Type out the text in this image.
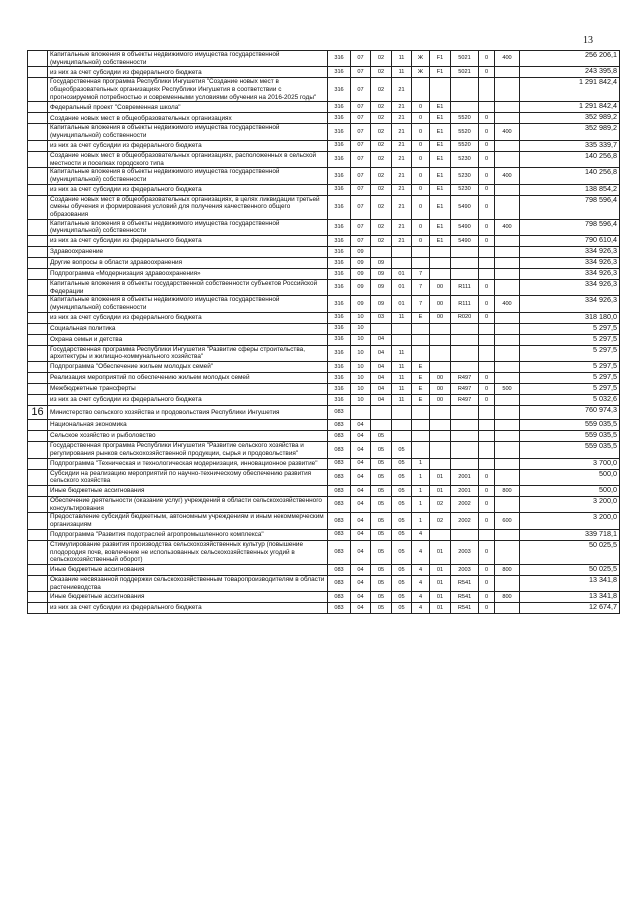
13
	Капитальные вложения в объекты недвижимого имущества государственной (муниципальной) собственности	316	07	02	11	Ж	F1	5021	0	400	256 206,1
	из них за счет субсидии из федерального бюджета	316	07	02	11	Ж	F1	5021	0		243 395,8
	Государственная программа Республики Ингушетия "Создание новых мест в общеобразовательных организациях Республики Ингушетия в соответствии с прогнозируемой потребностью и современными условиями обучения на 2016-2025 годы"	316	07	02	21						1 291 842,4
	Федеральный проект "Современная школа"	316	07	02	21	0	E1				1 291 842,4
	Создание новых мест в общеобразовательных организациях	316	07	02	21	0	E1	5520	0		352 989,2
	Капитальные вложения в объекты недвижимого имущества государственной (муниципальной) собственности	316	07	02	21	0	E1	5520	0	400	352 989,2
	из них за счет субсидии из федерального бюджета	316	07	02	21	0	E1	5520	0		335 339,7
	Создание новых мест в общеобразовательных организациях, расположенных в сельской местности и поселках городского типа	316	07	02	21	0	E1	5230	0		140 256,8
	Капитальные вложения в объекты недвижимого имущества государственной (муниципальной) собственности	316	07	02	21	0	E1	5230	0	400	140 256,8
	из них за счет субсидии из федерального бюджета	316	07	02	21	0	E1	5230	0		138 854,2
	Создание новых мест в общеобразовательных организациях, в целях ликвидации третьей смены обучения и формирования условий для получения качественного общего образования	316	07	02	21	0	E1	5490	0		798 596,4
	Капитальные вложения в объекты недвижимого имущества государственной (муниципальной) собственности	316	07	02	21	0	E1	5490	0	400	798 596,4
	из них за счет субсидии из федерального бюджета	316	07	02	21	0	E1	5490	0		790 610,4
	Здравоохранение	316	09								334 926,3
	Другие вопросы в области здравоохранения	316	09	09							334 926,3
	Подпрограмма «Модернизация здравоохранения»	316	09	09	01	7					334 926,3
	Капитальные вложения в объекты государственной собственности субъектов Российской Федерации	316	09	09	01	7	00	R111	0		334 926,3
	Капитальные вложения в объекты недвижимого имущества государственной (муниципальной) собственности	316	09	09	01	7	00	R111	0	400	334 926,3
	из них за счет субсидии из федерального бюджета	316	10	03	11	E	00	R020	0		318 180,0
	Социальная политика	316	10								5 297,5
	Охрана семьи и детства	316	10	04							5 297,5
	Государственная программа Республики Ингушетия "Развитие сферы строительства, архитектуры и жилищно-коммунального хозяйства"	316	10	04	11						5 297,5
	Подпрограмма "Обеспечение жильем молодых семей"	316	10	04	11	E					5 297,5
	Реализация мероприятий по обеспечению жильем молодых семей	316	10	04	11	E	00	R497	0		5 297,5
	Межбюджетные трансферты	316	10	04	11	E	00	R497	0	500	5 297,5
	из них за счет субсидии из федерального бюджета	316	10	04	11	E	00	R497	0		5 032,6
16	Министерство сельского хозяйства и продовольствия Республики Ингушетия	083									760 974,3
	Национальная экономика	083	04								559 035,5
	Сельское хозяйство и рыболовство	083	04	05							559 035,5
	Государственная программа Республики Ингушетия "Развитие сельского хозяйства и регулирования рынков сельскохозяйственной продукции, сырья и продовольствия"	083	04	05	05						559 035,5
	Подпрограмма "Техническая и технологическая модернизация, инновационное развитие"	083	04	05	05	1					3 700,0
	Субсидии на реализацию мероприятий по научно-техническому обеспечению развития сельского хозяйства	083	04	05	05	1	01	2001	0		500,0
	Иные бюджетные ассигнования	083	04	05	05	1	01	2001	0	800	500,0
	Обеспечение деятельности (оказание услуг) учреждений в области сельскохозяйственного консультирования	083	04	05	05	1	02	2002	0		3 200,0
	Предоставление субсидий бюджетным, автономным учреждениям и иным некоммерческим организациям	083	04	05	05	1	02	2002	0	600	3 200,0
	Подпрограмма "Развития подотраслей агропромышленного комплекса"	083	04	05	05	4					339 718,1
	Стимулирование развития производства сельскохозяйственных культур (повышение плодородия почв, вовлечение не использованных сельскохозяйственных угодий в сельскохозяйственный оборот)	083	04	05	05	4	01	2003	0		50 025,5
	Иные бюджетные ассигнования	083	04	05	05	4	01	2003	0	800	50 025,5
	Оказание несвязанной поддержки сельскохозяйственным товаропроизводителям в области растениеводства	083	04	05	05	4	01	R541	0		13 341,8
	Иные бюджетные ассигнования	083	04	05	05	4	01	R541	0	800	13 341,8
	из них за счет субсидии из федерального бюджета	083	04	05	05	4	01	R541	0		12 674,7
